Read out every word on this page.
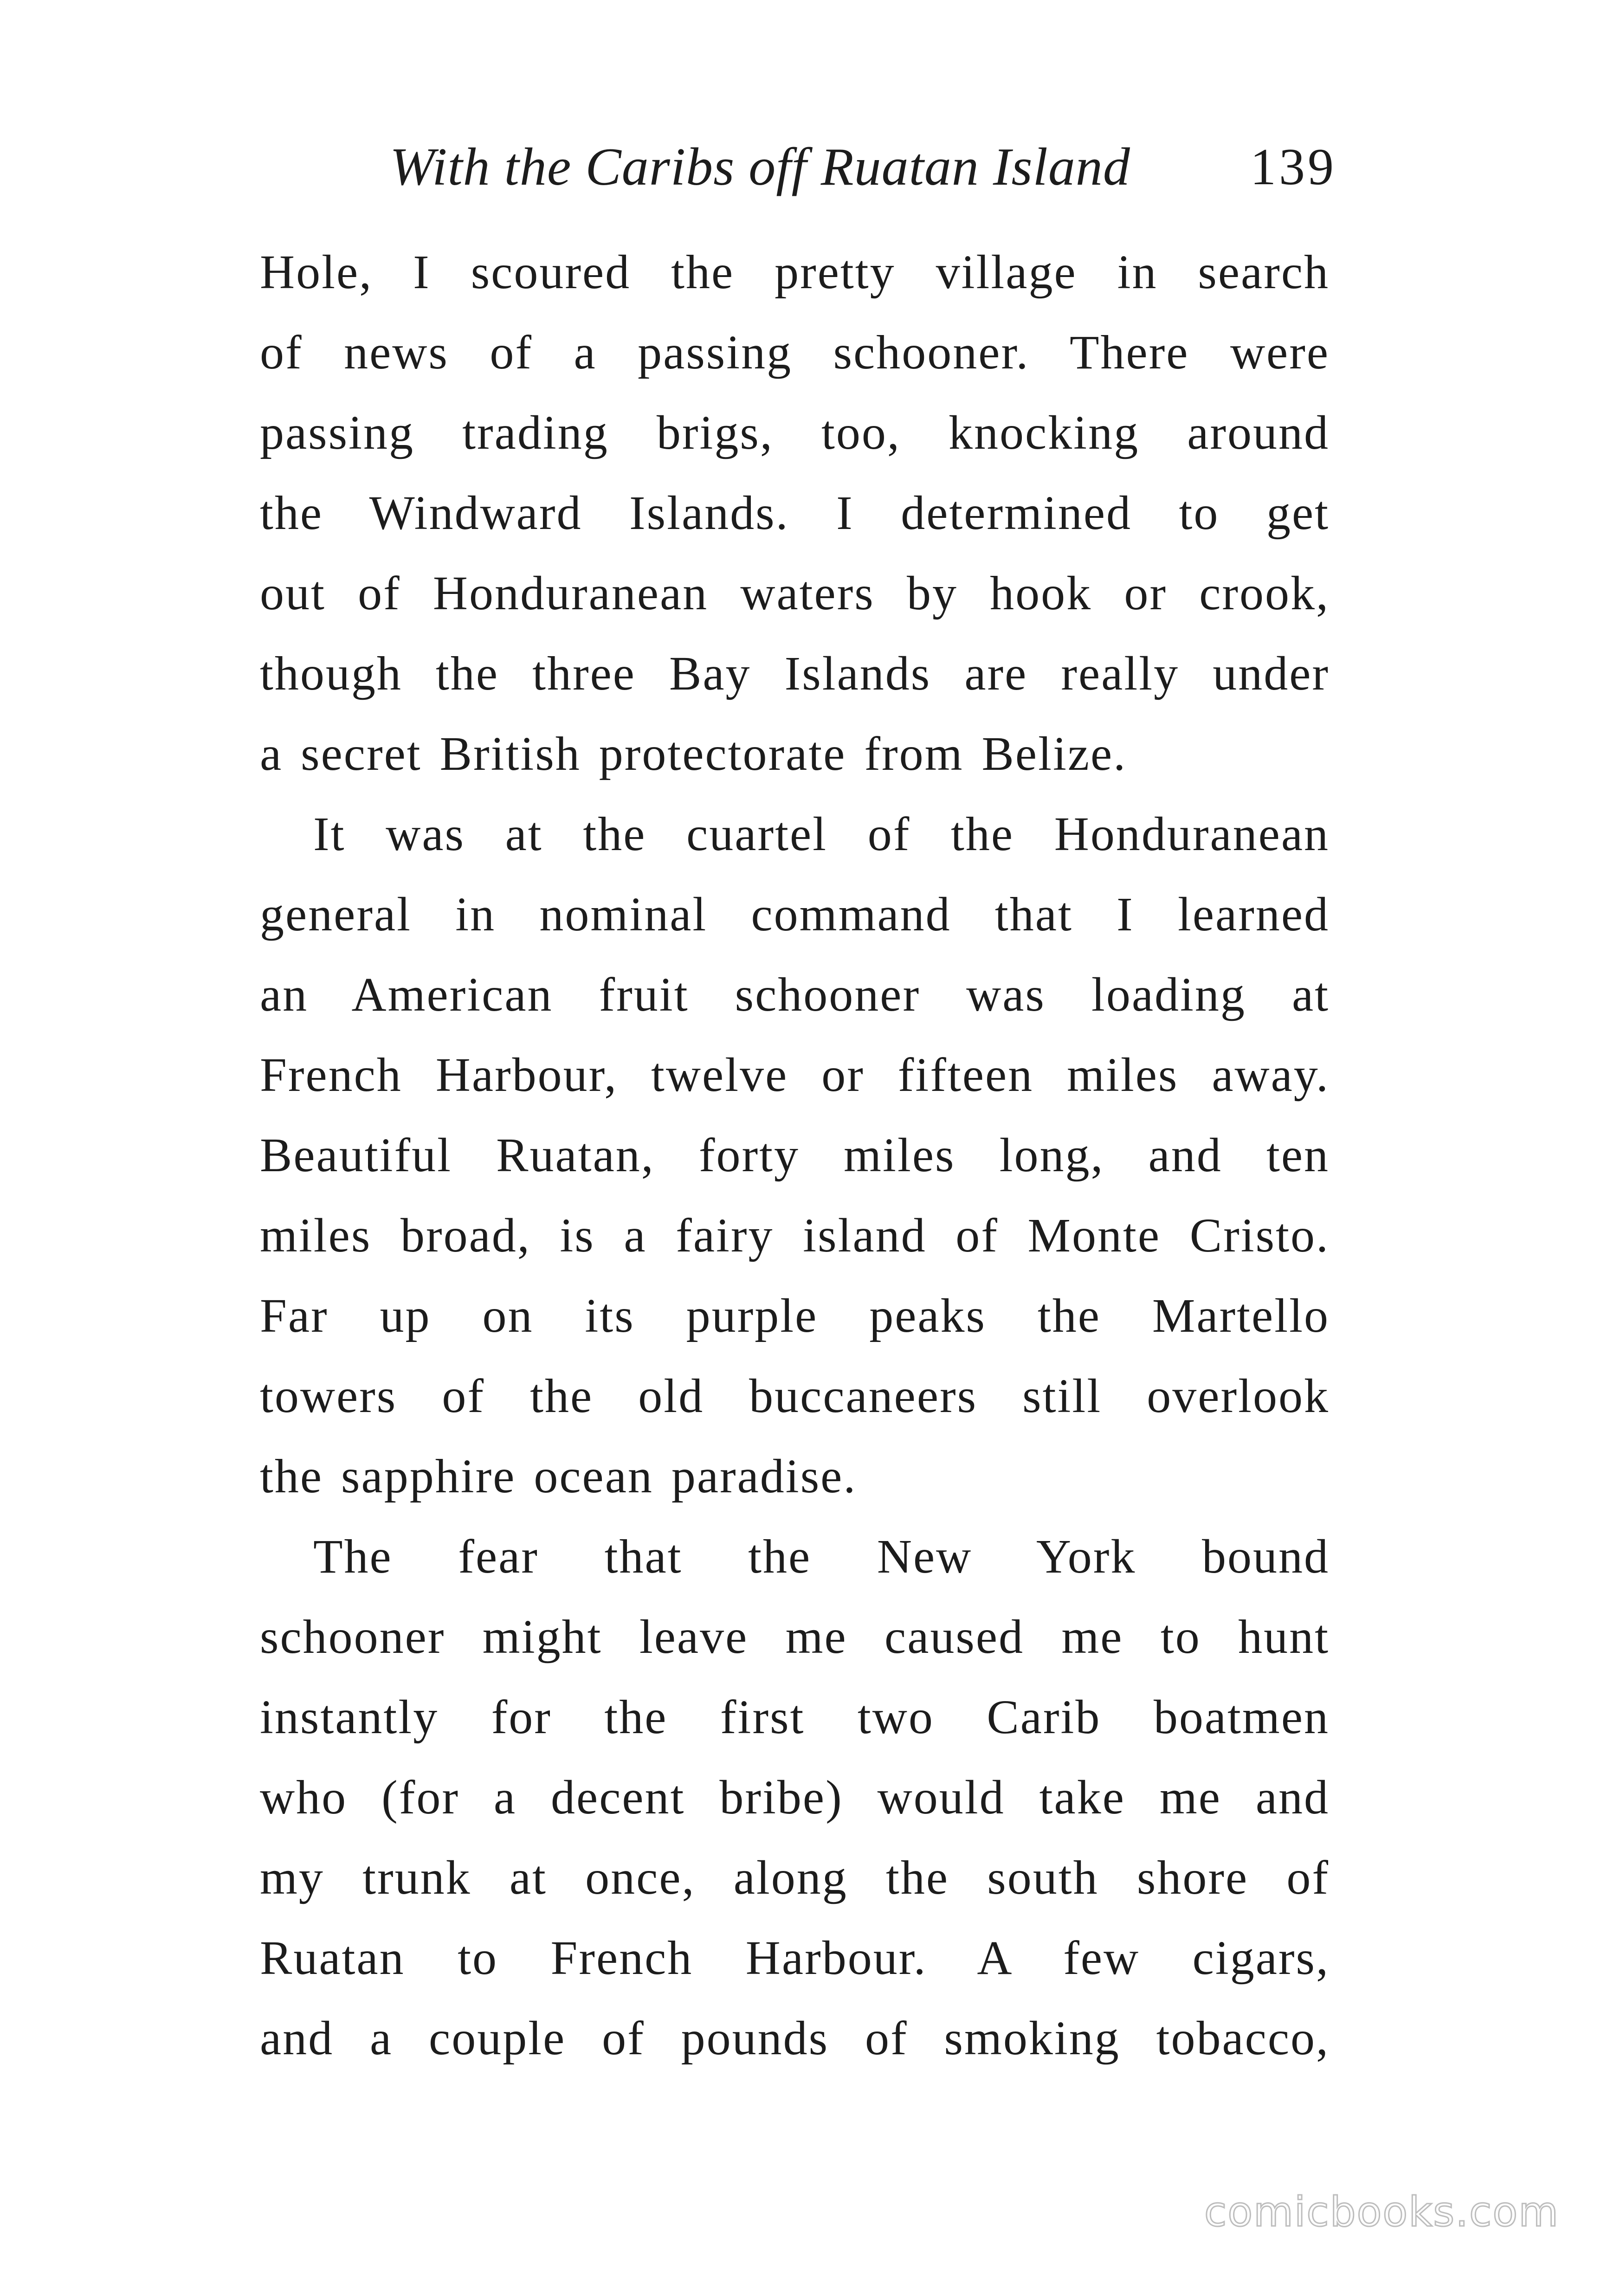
With the Caribs off Ruatan Island 139
Hole, I scoured the pretty village in search
of news of a passing schooner. There were
passing trading brigs, too, knocking around
the Windward Islands. I determined to get
out of Honduranean waters by hook or crook,
though the three Bay Islands are really under
a secret British protectorate from Belize.
It was at the cuartel of the Honduranean
general in nominal command that I learned
an American fruit schooner was loading at
French Harbour, twelve or fifteen miles away.
Beautiful Ruatan, forty miles long, and ten
miles broad, is a fairy island of Monte Cristo.
Far up on its purple peaks the Martello
towers of the old buccaneers still overlook
the sapphire ocean paradise.
The fear that the New York bound
schooner might leave me caused me to hunt
instantly for the first two Carib boatmen
who (for a decent bribe) would take me and
my trunk at once, along the south shore of
Ruatan to French Harbour. A few cigars,
and a couple of pounds of smoking tobacco,
comicbooks.com
